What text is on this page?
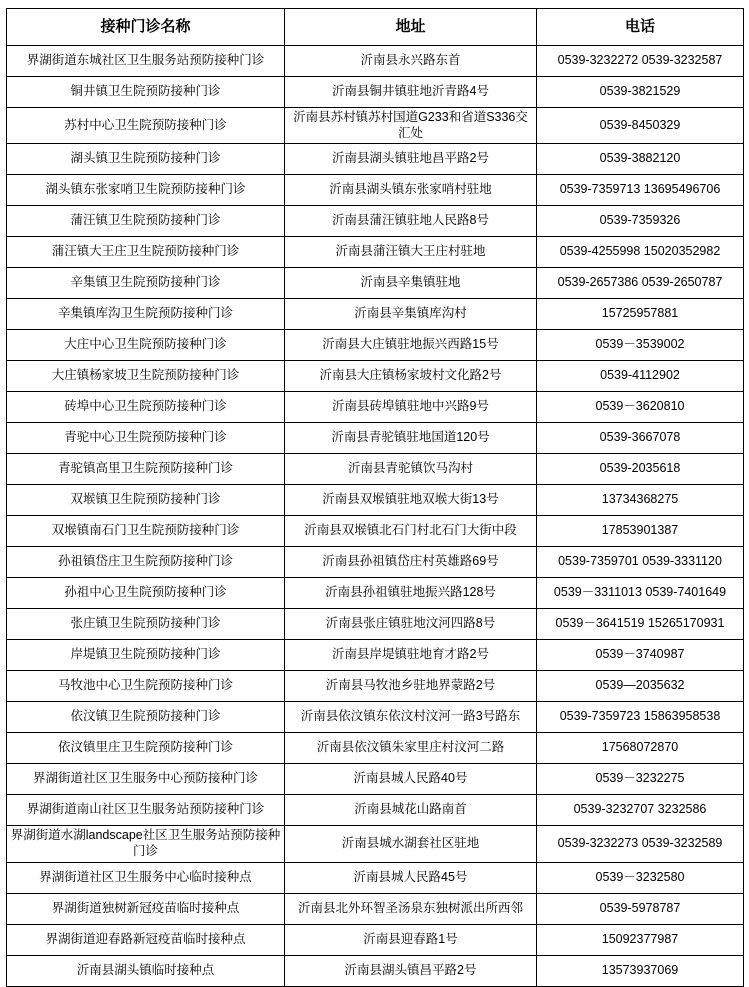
接种门诊名称	地址	电话
界湖街道东城社区卫生服务站预防接种门诊	沂南县永兴路东首	0539-3232272 0539-3232587
铜井镇卫生院预防接种门诊	沂南县铜井镇驻地沂青路4号	0539-3821529
苏村中心卫生院预防接种门诊	沂南县苏村镇苏村国道G233和省道S336交汇处	0539-8450329
湖头镇卫生院预防接种门诊	沂南县湖头镇驻地昌平路2号	0539-3882120
湖头镇东张家哨卫生院预防接种门诊	沂南县湖头镇东张家哨村驻地	0539-7359713 13695496706
蒲汪镇卫生院预防接种门诊	沂南县蒲汪镇驻地人民路8号	0539-7359326
蒲汪镇大王庄卫生院预防接种门诊	沂南县蒲汪镇大王庄村驻地	0539-4255998 15020352982
辛集镇卫生院预防接种门诊	沂南县辛集镇驻地	0539-2657386 0539-2650787
辛集镇库沟卫生院预防接种门诊	沂南县辛集镇库沟村	15725957881
大庄中心卫生院预防接种门诊	沂南县大庄镇驻地振兴西路15号	0539－3539002
大庄镇杨家坡卫生院预防接种门诊	沂南县大庄镇杨家坡村文化路2号	0539-4112902
砖埠中心卫生院预防接种门诊	沂南县砖埠镇驻地中兴路9号	0539－3620810
青驼中心卫生院预防接种门诊	沂南县青驼镇驻地国道120号	0539-3667078
青驼镇高里卫生院预防接种门诊	沂南县青驼镇饮马沟村	0539-2035618
双堠镇卫生院预防接种门诊	沂南县双堠镇驻地双堠大街13号	13734368275
双堠镇南石门卫生院预防接种门诊	沂南县双堠镇北石门村北石门大街中段	17853901387
孙祖镇岱庄卫生院预防接种门诊	沂南县孙祖镇岱庄村英雄路69号	0539-7359701 0539-3331120
孙祖中心卫生院预防接种门诊	沂南县孙祖镇驻地振兴路128号	0539－3311013 0539-7401649
张庄镇卫生院预防接种门诊	沂南县张庄镇驻地汶河四路8号	0539－3641519 15265170931
岸堤镇卫生院预防接种门诊	沂南县岸堤镇驻地育才路2号	0539－3740987
马牧池中心卫生院预防接种门诊	沂南县马牧池乡驻地界蒙路2号	0539—2035632
依汶镇卫生院预防接种门诊	沂南县依汶镇东依汶村汶河一路3号路东	0539-7359723 15863958538
依汶镇里庄卫生院预防接种门诊	沂南县依汶镇朱家里庄村汶河二路	17568072870
界湖街道社区卫生服务中心预防接种门诊	沂南县城人民路40号	0539－3232275
界湖街道南山社区卫生服务站预防接种门诊	沂南县城花山路南首	0539-3232707 3232586
界湖街道水湖landscape社区卫生服务站预防接种门诊	沂南县城水湖套社区驻地	0539-3232273 0539-3232589
界湖街道社区卫生服务中心临时接种点	沂南县城人民路45号	0539－3232580
界湖街道独树新冠疫苗临时接种点	沂南县北外环智圣汤泉东独树派出所西邻	0539-5978787
界湖街道迎春路新冠疫苗临时接种点	沂南县迎春路1号	15092377987
沂南县湖头镇临时接种点	沂南县湖头镇昌平路2号	13573937069
